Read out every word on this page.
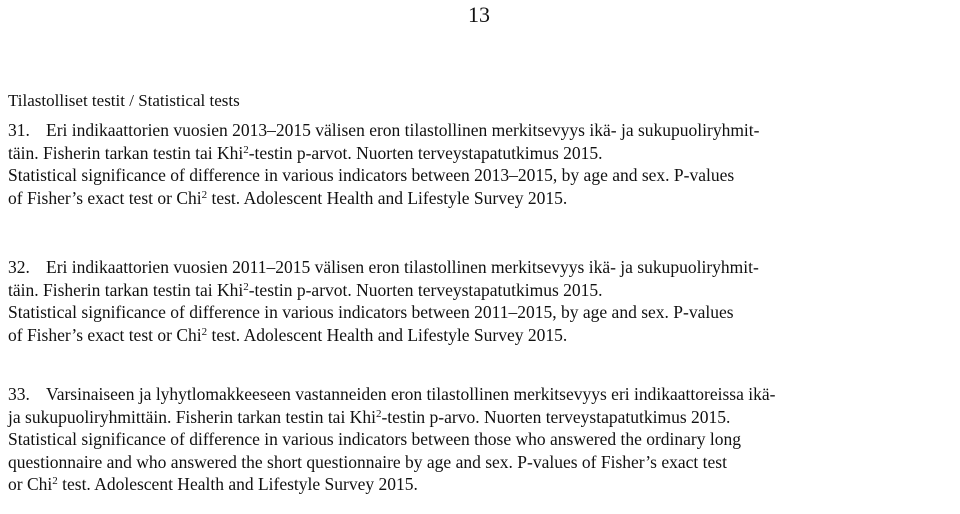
13
Tilastolliset testit / Statistical tests
31. Eri indikaattorien vuosien 2013–2015 välisen eron tilastollinen merkitsevyys ikä- ja sukupuoliryhmit-
täin. Fisherin tarkan testin tai Khi$^2$-testin p-arvot. Nuorten terveystapatutkimus 2015.
Statistical significance of difference in various indicators between 2013–2015, by age and sex. P-values
of Fisher’s exact test or Chi$^2$ test. Adolescent Health and Lifestyle Survey 2015.
32. Eri indikaattorien vuosien 2011–2015 välisen eron tilastollinen merkitsevyys ikä- ja sukupuoliryhmit-
täin. Fisherin tarkan testin tai Khi$^2$-testin p-arvot. Nuorten terveystapatutkimus 2015.
Statistical significance of difference in various indicators between 2011–2015, by age and sex. P-values
of Fisher’s exact test or Chi$^2$ test. Adolescent Health and Lifestyle Survey 2015.
33. Varsinaiseen ja lyhytlomakkeeseen vastanneiden eron tilastollinen merkitsevyys eri indikaattoreissa ikä-
ja sukupuoliryhmittäin. Fisherin tarkan testin tai Khi$^2$-testin p-arvo. Nuorten terveystapatutkimus 2015.
Statistical significance of difference in various indicators between those who answered the ordinary long
questionnaire and who answered the short questionnaire by age and sex. P-values of Fisher’s exact test
or Chi$^2$ test. Adolescent Health and Lifestyle Survey 2015.
